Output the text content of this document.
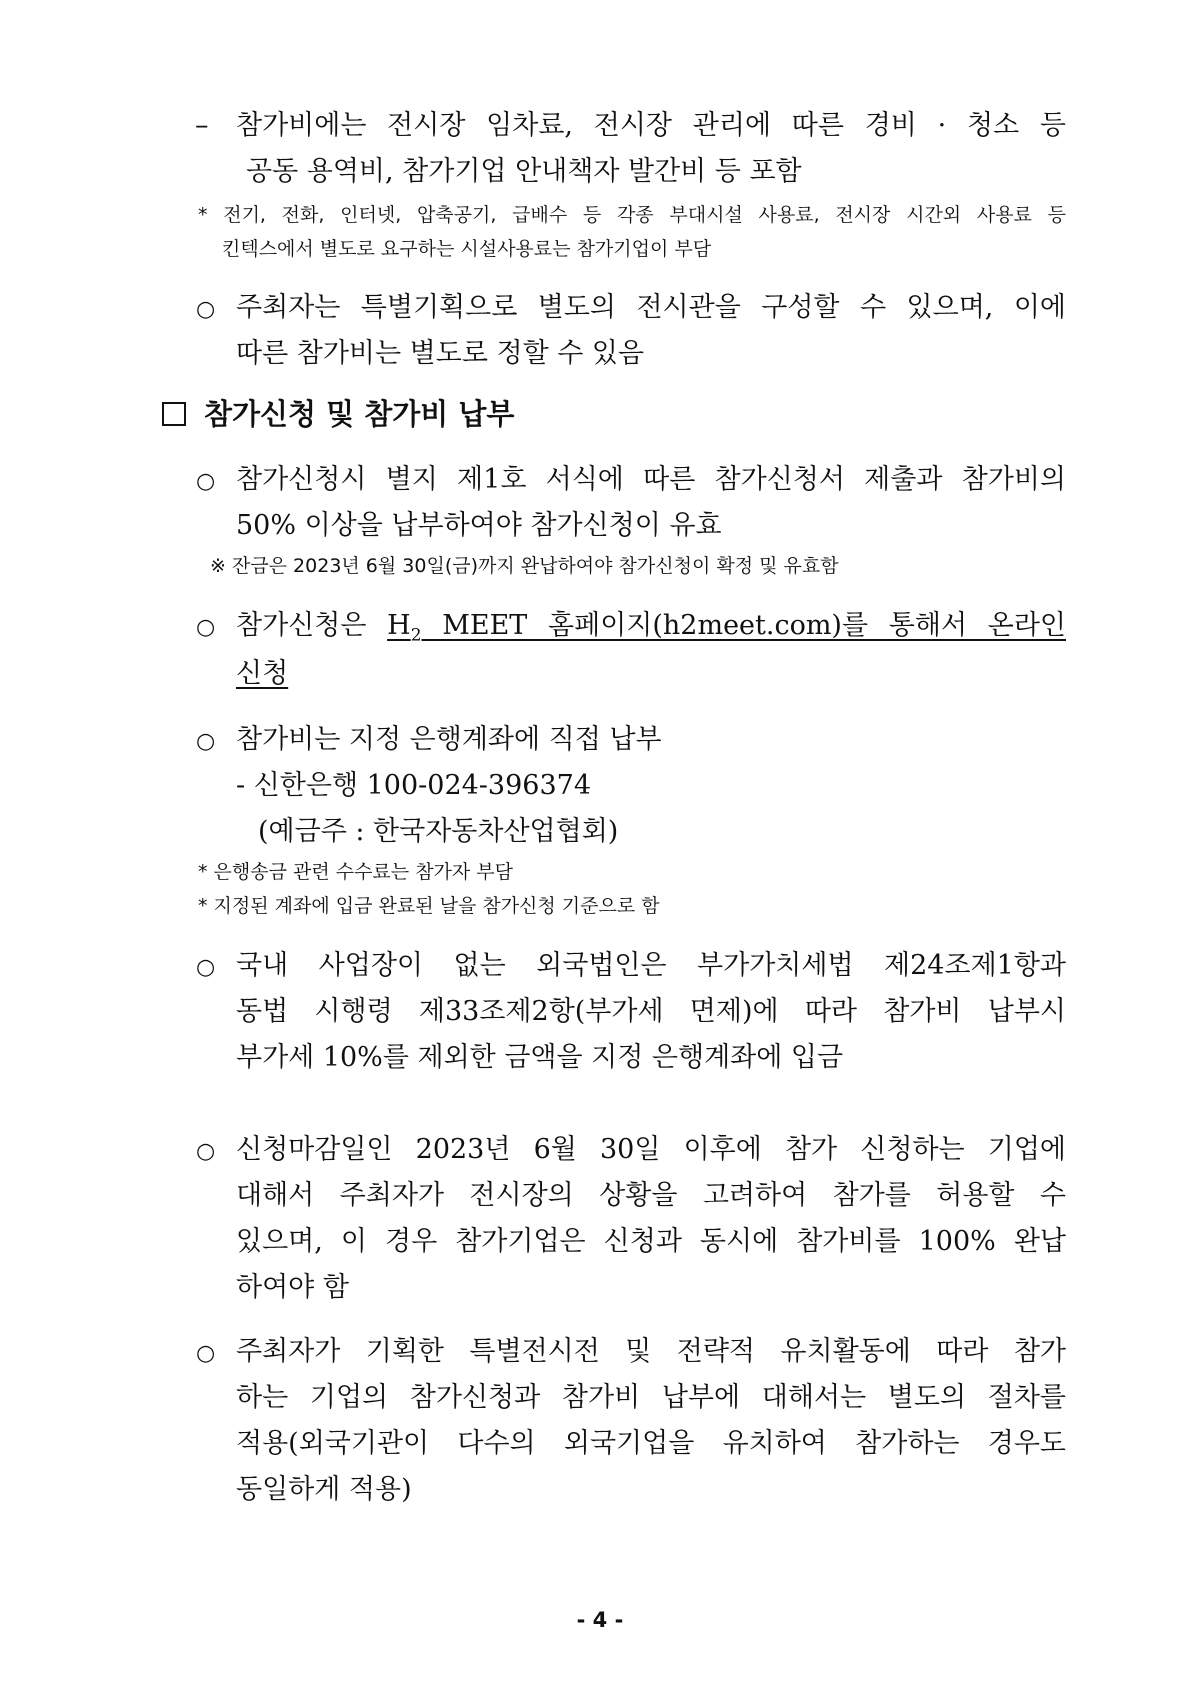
– 참가비에는 전시장 임차료, 전시장 관리에 따른 경비 · 청소 등
공동 용역비, 참가기업 안내책자 발간비 등 포함
* 전기, 전화, 인터넷, 압축공기, 급배수 등 각종 부대시설 사용료, 전시장 시간외 사용료 등
킨텍스에서 별도로 요구하는 시설사용료는 참가기업이 부담
○ 주최자는 특별기획으로 별도의 전시관을 구성할 수 있으며, 이에
따른 참가비는 별도로 정할 수 있음
참가신청 및 참가비 납부
○ 참가신청시 별지 제1호 서식에 따른 참가신청서 제출과 참가비의
50% 이상을 납부하여야 참가신청이 유효
※ 잔금은 2023년 6월 30일(금)까지 완납하여야 참가신청이 확정 및 유효함
○ 참가신청은 $H_2$ MEET 홈페이지(h2meet.com)를 통해서 온라인
신청
○ 참가비는 지정 은행계좌에 직접 납부
- 신한은행 100-024-396374
(예금주 : 한국자동차산업협회)
* 은행송금 관련 수수료는 참가자 부담
* 지정된 계좌에 입금 완료된 날을 참가신청 기준으로 함
○ 국내 사업장이 없는 외국법인은 부가가치세법 제24조제1항과
동법 시행령 제33조제2항(부가세 면제)에 따라 참가비 납부시
부가세 10%를 제외한 금액을 지정 은행계좌에 입금
○ 신청마감일인 2023년 6월 30일 이후에 참가 신청하는 기업에
대해서 주최자가 전시장의 상황을 고려하여 참가를 허용할 수
있으며, 이 경우 참가기업은 신청과 동시에 참가비를 100% 완납
하여야 함
○ 주최자가 기획한 특별전시전 및 전략적 유치활동에 따라 참가
하는 기업의 참가신청과 참가비 납부에 대해서는 별도의 절차를
적용(외국기관이 다수의 외국기업을 유치하여 참가하는 경우도
동일하게 적용)
- 4 -
